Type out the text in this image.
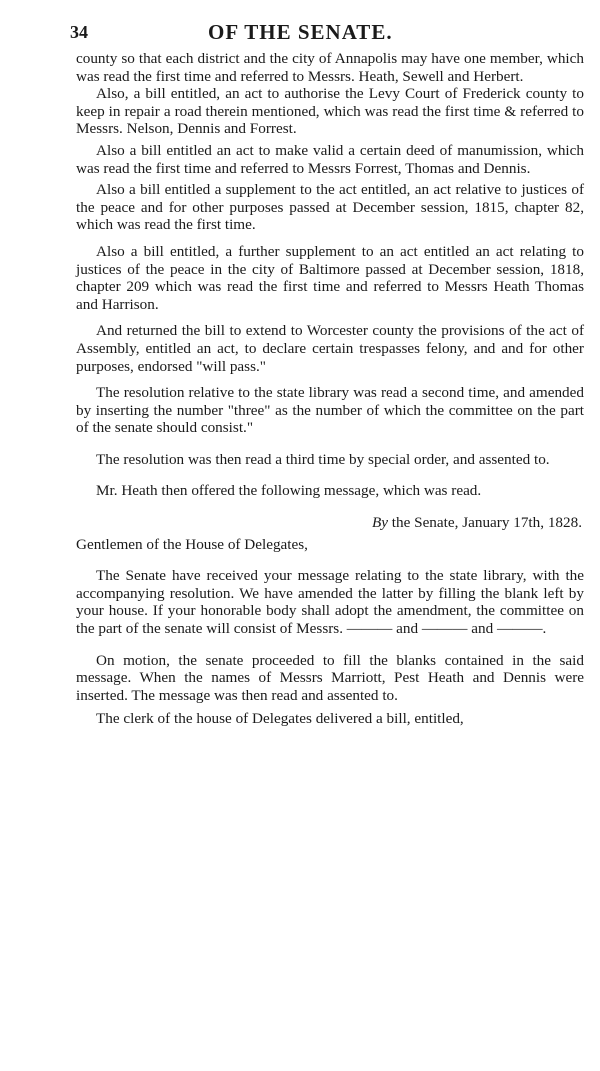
34	OF THE SENATE.

county so that each district and the city of Annapolis may have one member, which was read the first time and referred to Messrs. Heath, Sewell and Herbert.

Also, a bill entitled, an act to authorise the Levy Court of Frederick county to keep in repair a road therein mentioned, which was read the first time & referred to Messrs. Nelson, Dennis and Forrest.

Also a bill entitled an act to make valid a certain deed of manumission, which was read the first time and referred to Messrs Forrest, Thomas and Dennis.

Also a bill entitled a supplement to the act entitled, an act relative to justices of the peace and for other purposes passed at December session, 1815, chapter 82, which was read the first time.

Also a bill entitled, a further supplement to an act entitled an act relating to justices of the peace in the city of Baltimore passed at December session, 1818, chapter 209 which was read the first time and referred to Messrs Heath Thomas and Harrison.

And returned the bill to extend to Worcester county the provisions of the act of Assembly, entitled an act, to declare certain trespasses felony, and and for other purposes, endorsed "will pass."

The resolution relative to the state library was read a second time, and amended by inserting the number "three" as the number of which the committee on the part of the senate should consist."

The resolution was then read a third time by special order, and assented to.

Mr. Heath then offered the following message, which was read.

By the Senate, January 17th, 1828.

Gentlemen of the House of Delegates,

The Senate have received your message relating to the state library, with the accompanying resolution. We have amended the latter by filling the blank left by your house. If your honorable body shall adopt the amendment, the committee on the part of the senate will consist of Messrs. ——— and ——— and ———.

On motion, the senate proceeded to fill the blanks contained in the said message. When the names of Messrs Marriott, Pest Heath and Dennis were inserted. The message was then read and assented to.

The clerk of the house of Delegates delivered a bill, entitled,
